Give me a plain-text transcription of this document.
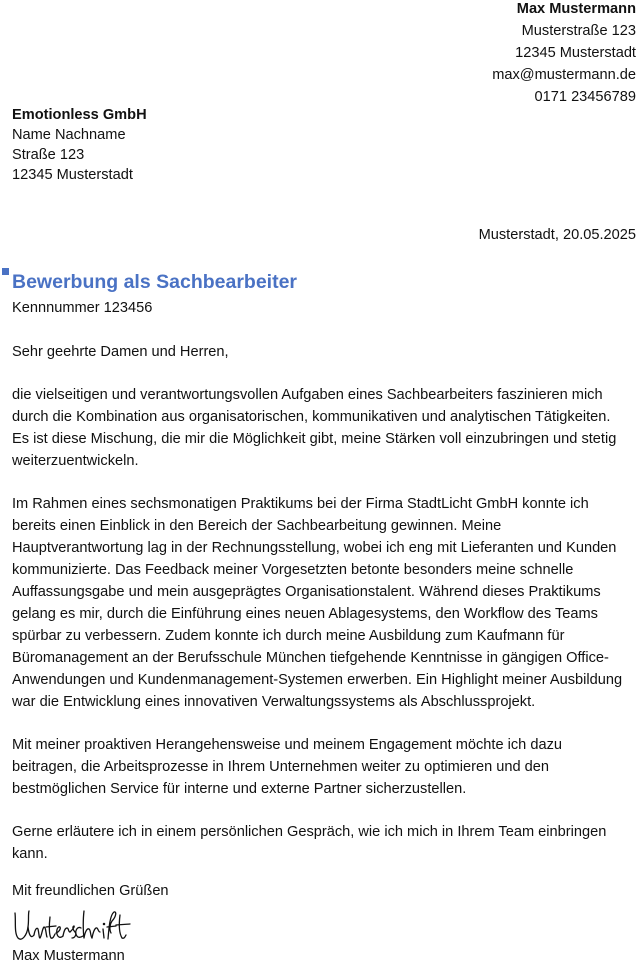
Max Mustermann
Musterstraße 123
12345 Musterstadt
max@mustermann.de
0171 23456789
Emotionless GmbH
Name Nachname
Straße 123
12345 Musterstadt
Musterstadt, 20.05.2025
Bewerbung als Sachbearbeiter
Kennnummer 123456
Sehr geehrte Damen und Herren,

die vielseitigen und verantwortungsvollen Aufgaben eines Sachbearbeiters faszinieren mich durch die Kombination aus organisatorischen, kommunikativen und analytischen Tätigkeiten. Es ist diese Mischung, die mir die Möglichkeit gibt, meine Stärken voll einzubringen und stetig weiterzuentwickeln.

Im Rahmen eines sechsmonatigen Praktikums bei der Firma StadtLicht GmbH konnte ich bereits einen Einblick in den Bereich der Sachbearbeitung gewinnen. Meine Hauptverantwortung lag in der Rechnungsstellung, wobei ich eng mit Lieferanten und Kunden kommunizierte. Das Feedback meiner Vorgesetzten betonte besonders meine schnelle Auffassungsgabe und mein ausgeprägtes Organisationstalent. Während dieses Praktikums gelang es mir, durch die Einführung eines neuen Ablagesystems, den Workflow des Teams spürbar zu verbessern. Zudem konnte ich durch meine Ausbildung zum Kaufmann für Büromanagement an der Berufsschule München tiefgehende Kenntnisse in gängigen Office-Anwendungen und Kundenmanagement-Systemen erwerben. Ein Highlight meiner Ausbildung war die Entwicklung eines innovativen Verwaltungssystems als Abschlussprojekt.

Mit meiner proaktiven Herangehensweise und meinem Engagement möchte ich dazu beitragen, die Arbeitsprozesse in Ihrem Unternehmen weiter zu optimieren und den bestmöglichen Service für interne und externe Partner sicherzustellen.

Gerne erläutere ich in einem persönlichen Gespräch, wie ich mich in Ihrem Team einbringen kann.

Mit freundlichen Grüßen
Max Mustermann
